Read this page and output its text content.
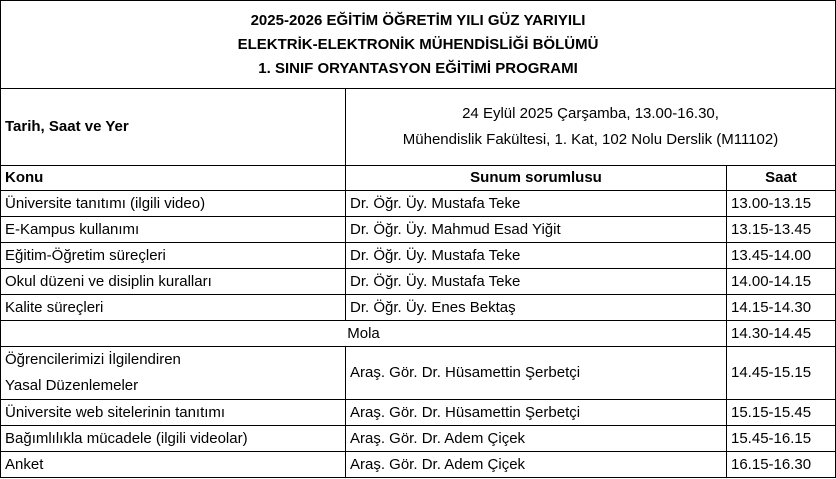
2025-2026 EĞİTİM ÖĞRETİM YILI GÜZ YARIYILI
ELEKTRİK-ELEKTRONİK MÜHENDİSLİĞİ BÖLÜMÜ
1. SINIF ORYANTASYON EĞİTİMİ PROGRAMI		

Tarih, Saat ve Yer	24 Eylül 2025 Çarşamba, 13.00-16.30,
Mühendislik Fakültesi, 1. Kat, 102 Nolu Derslik (M11102)	

Konu	Sunum sorumlusu	Saat
Üniversite tanıtımı (ilgili video)	Dr. Öğr. Üy. Mustafa Teke	13.00-13.15
E-Kampus kullanımı	Dr. Öğr. Üy. Mahmud Esad Yiğit	13.15-13.45
Eğitim-Öğretim süreçleri	Dr. Öğr. Üy. Mustafa Teke	13.45-14.00
Okul düzeni ve disiplin kuralları	Dr. Öğr. Üy. Mustafa Teke	14.00-14.15
Kalite süreçleri	Dr. Öğr. Üy. Enes Bektaş	14.15-14.30
Mola		14.30-14.45

Öğrencilerimizi İlgilendiren
Yasal Düzenlemeler	Araş. Gör. Dr. Hüsamettin Şerbetçi	14.45-15.15
Üniversite web sitelerinin tanıtımı	Araş. Gör. Dr. Hüsamettin Şerbetçi	15.15-15.45
Bağımlılıkla mücadele (ilgili videolar)	Araş. Gör. Dr. Adem Çiçek	15.45-16.15
Anket	Araş. Gör. Dr. Adem Çiçek	16.15-16.30
